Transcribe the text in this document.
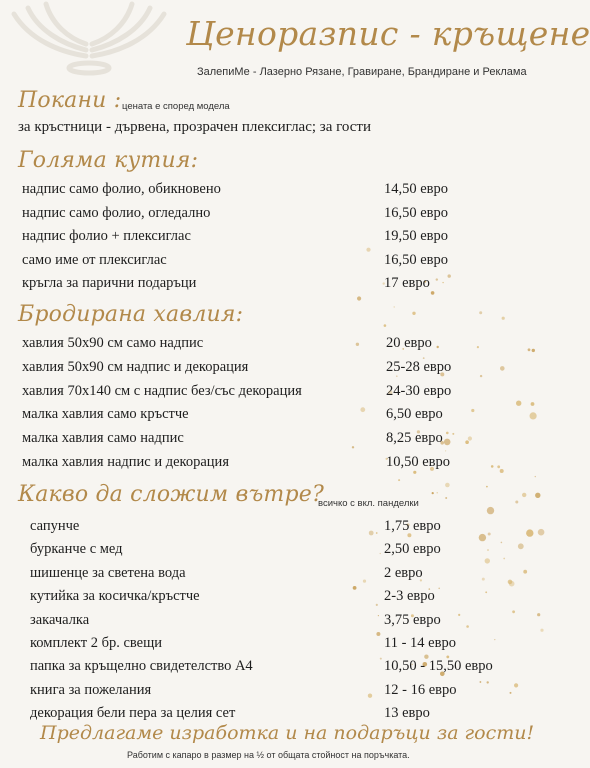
Ценоразпис - кръщене
ЗалепиМе - Лазерно Рязане, Гравиране, Брандиране и Реклама
Покани : цената е според модела
за кръстници - дървена, прозрачен плексиглас; за гости
Голяма кутия:
надпис само фолио, обикновено	14,50 евро
надпис само фолио, огледално	16,50 евро
надпис фолио + плексиглас	19,50 евро
само име от плексиглас	16,50 евро
кръгла за парични подаръци	17 евро
Бродирана хавлия:
хавлия 50х90 см само надпис	20 евро
хавлия 50х90 см надпис и декорация	25-28 евро
хавлия 70х140 см с надпис без/със декорация	24-30 евро
малка хавлия само кръстче	6,50 евро
малка хавлия само надпис	8,25 евро
малка хавлия надпис и декорация	10,50 евро
Какво да сложим вътре?
всичко с вкл. панделки
сапунче	1,75 евро
бурканче с мед	2,50 евро
шишенце за светена вода	2 евро
кутийка за косичка/кръстче	2-3 евро
закачалка	3,75 евро
комплект 2 бр. свещи	11 - 14 евро
папка за кръщелно свидетелство А4	10,50 - 15,50 евро
книга за пожелания	12 - 16 евро
декорация бели пера за целия сет	13 евро
Предлагаме изработка и на подаръци за гости!
Работим с капаро в размер на ½ от общата стойност на поръчката.
